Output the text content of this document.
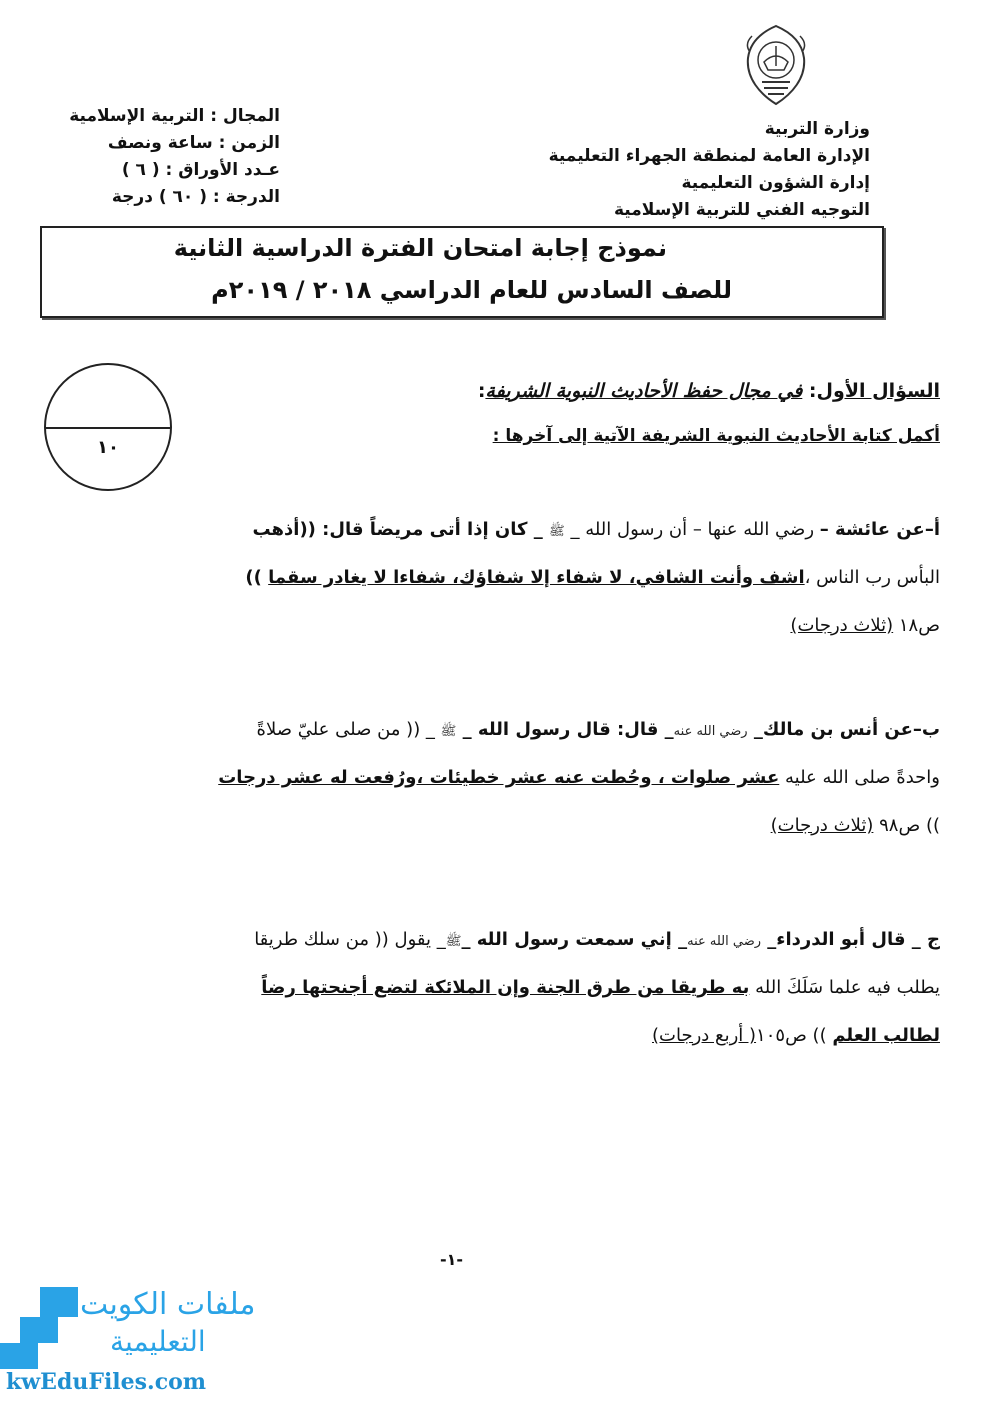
وزارة التربية
الإدارة العامة لمنطقة الجهراء التعليمية
إدارة الشؤون التعليمية
التوجيه الفني للتربية الإسلامية
المجال : التربية الإسلامية
الزمن : ساعة ونصف
عـدد الأوراق : ( ٦ )
الدرجة : ( ٦٠ ) درجة
نموذج إجابة امتحان الفترة الدراسية الثانية
للصف السادس للعام الدراسي ٢٠١٨ / ٢٠١٩م
١٠
السؤال الأول: في مجال حفظ الأحاديث النبوية الشريفة:
أكمل كتابة الأحاديث النبوية الشريفة الآتية إلى آخرها :
أ–عن عائشة – رضي الله عنها – أن رسول الله _ ﷺ _ كان إذا أتى مريضاً قال: ((أذهب
البأس رب الناس ،اشف وأنت الشافي، لا شفاء إلا شفاؤك، شفاءا لا يغادر سقما ))
ص١٨ (ثلاث درجات)
ب–عن أنس بن مالك_ رضي الله عنه_ قال: قال رسول الله _ ﷺ _ (( من صلى عليّ صلاةً
واحدةً صلى الله عليه عشر صلوات ، وحُطت عنه عشر خطيئات ،ورُفعت له عشر درجات
)) ص٩٨ (ثلاث درجات)
ج _ قال أبو الدرداء_ رضي الله عنه_ إني سمعت رسول الله _ﷺ_ يقول (( من سلك طريقا
يطلب فيه علما سَلَكَ الله به طريقا من طرق الجنة وإن الملائكة لتضع أجنحتها رضاً
لطالب العلم )) ص١٠٥( أربع درجات)
-١-
ملفات الكويت
التعليمية
kwEduFiles.com
